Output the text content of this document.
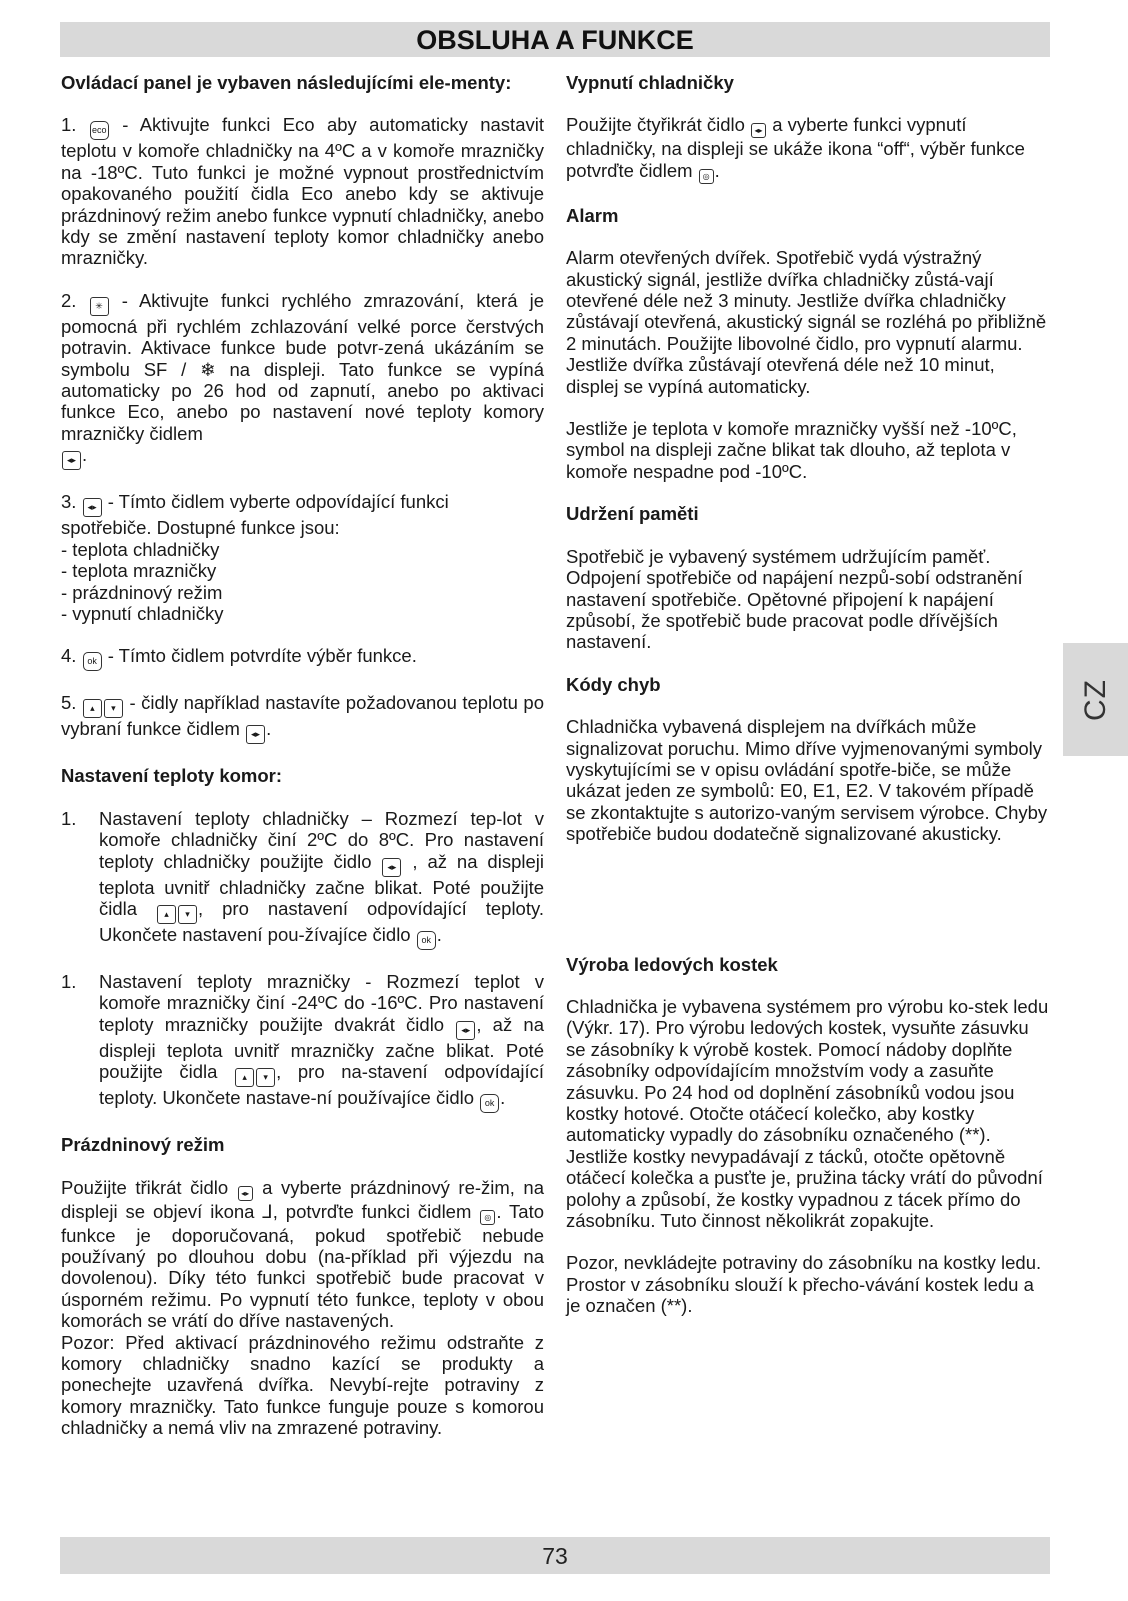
OBSLUHA A FUNKCE
CZ
Ovládací panel je vybaven následujícími ele-menty:

1. eco - Aktivujte funkci Eco aby automaticky nastavit teplotu v komoře chladničky na 4ºC a v komoře mrazničky na -18ºC. Tuto funkci je možné vypnout prostřednictvím opakovaného použití čidla Eco anebo kdy se aktivuje prázdninový režim anebo funkce vypnutí chladničky, anebo kdy se změní nastavení teploty komor chladničky anebo mrazničky.

2. ✳ - Aktivujte funkci rychlého zmrazování, která je pomocná při rychlém zchlazování velké porce čerstvých potravin. Aktivace funkce bude potvr-zená ukázáním se symbolu SF / ❄ na displeji. Tato funkce se vypíná automaticky po 26 hod od zapnutí, anebo po aktivaci funkce Eco, anebo po nastavení nové teploty komory mrazničky čidlem
◂▸ .

3. ◂▸ - Tímto čidlem vyberte odpovídající funkci spotřebiče. Dostupné funkce jsou:
- teplota chladničky
- teplota mrazničky
- prázdninový režim
- vypnutí chladničky

4. ok - Tímto čidlem potvrdíte výběr funkce.

5. ▴ ▾ - čidly například nastavíte požadovanou teplotu po vybraní funkce čidlem ◂▸ .

Nastavení teploty komor:
1.	Nastavení teploty chladničky – Rozmezí tep-lot v komoře chladničky činí 2ºC do 8ºC. Pro nastavení teploty chladničky použijte čidlo ◂▸ , až na displeji teplota uvnitř chladničky začne blikat. Poté použijte čidla	▴ ▾ , pro nastavení odpovídající teploty. Ukončete nastavení pou-žívajíce čidlo ok .
1.	Nastavení teploty mrazničky - Rozmezí teplot v komoře mrazničky činí -24ºC do -16ºC. Pro nastavení teploty mrazničky použijte dvakrát čidlo ◂▸ , až na displeji teplota uvnitř mrazničky začne blikat. Poté použijte čidla	▴ ▾ , pro na-stavení odpovídající teploty. Ukončete nastave-ní používajíce čidlo ok .
Prázdninový režim
Použijte třikrát čidlo ◂▸ a vyberte prázdninový re-žim, na displeji se objeví ikona ⅃, potvrďte funkci čidlem ◎ . Tato funkce je doporučovaná, pokud spotřebič nebude používaný po dlouhou dobu (na-příklad při výjezdu na dovolenou). Díky této funkci spotřebič bude pracovat v úsporném režimu. Po vypnutí této funkce, teploty v obou komorách se vrátí do dříve nastavených.
Pozor: Před aktivací prázdninového režimu odstraňte z komory chladničky snadno kazící se produkty a ponechejte uzavřená dvířka. Nevybí-rejte potraviny z komory mrazničky. Tato funkce funguje pouze s komorou chladničky a nemá vliv na zmrazené potraviny.
Vypnutí chladničky

Použijte čtyřikrát čidlo ◂▸ a vyberte funkci vypnutí chladničky, na displeji se ukáže ikona “off“, výběr funkce potvrďte čidlem ◎ .

Alarm

Alarm otevřených dvířek. Spotřebič vydá výstražný akustický signál, jestliže dvířka chladničky zůstá-vají otevřené déle než 3 minuty. Jestliže dvířka chladničky zůstávají otevřená, akustický signál se rozléhá po přibližně 2 minutách. Použijte libovolné čidlo, pro vypnutí alarmu. Jestliže dvířka zůstávají otevřená déle než 10 minut, displej se vypíná automaticky.

Jestliže je teplota v komoře mrazničky vyšší než -10ºC, symbol na displeji začne blikat tak dlouho, až teplota v komoře nespadne pod -10ºC.

Udržení paměti

Spotřebič je vybavený systémem udržujícím paměť. Odpojení spotřebiče od napájení nezpů-sobí odstranění nastavení spotřebiče. Opětovné připojení k napájení způsobí, že spotřebič bude pracovat podle dřívějších nastavení.

Kódy chyb

Chladnička vybavená displejem na dvířkách může signalizovat poruchu. Mimo dříve vyjmenovanými symboly vyskytujícími se v opisu ovládání spotře-biče, se může ukázat jeden ze symbolů: E0, E1, E2. V takovém případě se zkontaktujte s autorizo-vaným servisem výrobce. Chyby spotřebiče budou dodatečně signalizované akusticky.

Výroba ledových kostek

Chladnička je vybavena systémem pro výrobu ko-stek ledu (Výkr. 17). Pro výrobu ledových kostek, vysuňte zásuvku se zásobníky k výrobě kostek. Pomocí nádoby doplňte zásobníky odpovídajícím množstvím vody a zasuňte zásuvku. Po 24 hod od doplnění zásobníků vodou jsou kostky hotové. Otočte otáčecí kolečko, aby kostky automaticky vypadly do zásobníku označeného (**). Jestliže kostky nevypadávají z tácků, otočte opětovně otáčecí kolečka a pusťte je, pružina tácky vrátí do původní polohy a způsobí, že kostky vypadnou z tácek přímo do zásobníku. Tuto činnost několikrát zopakujte.

Pozor, nevkládejte potraviny do zásobníku na kostky ledu. Prostor v zásobníku slouží k přecho-vávání kostek ledu a je označen (**).

73
